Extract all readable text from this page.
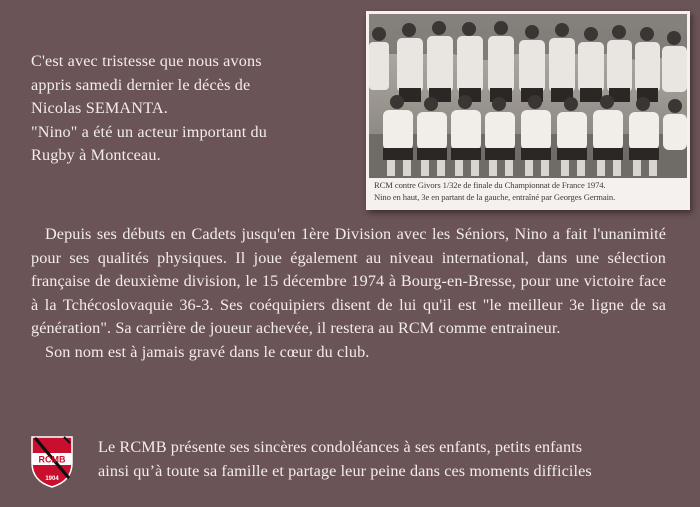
C'est avec tristesse que nous avons

appris samedi dernier le décès de

Nicolas SEMANTA.

"Nino" a été un acteur important du

Rugby à Montceau.

RCM contre Givors 1/32e de finale du Championnat de France 1974.
Nino en haut, 3e en partant de la gauche, entraîné par Georges Germain.

Depuis ses débuts en Cadets jusqu'en 1ère Division avec les Séniors, Nino a fait l'unanimité pour ses qualités physiques. Il joue également au niveau international, dans une sélection française de deuxième division, le 15 décembre 1974 à Bourg-en-Bresse, pour une victoire face à la Tchécoslovaquie 36-3. Ses coéquipiers disent de lui qu'il est "le meilleur 3e ligne de sa génération". Sa carrière de joueur achevée, il restera au RCM comme entraineur.

Son nom est à jamais gravé dans le cœur du club.

RCMB
1904

Le RCMB présente ses sincères condoléances à ses enfants, petits enfants

ainsi qu’à toute sa famille et partage leur peine dans ces moments difficiles
